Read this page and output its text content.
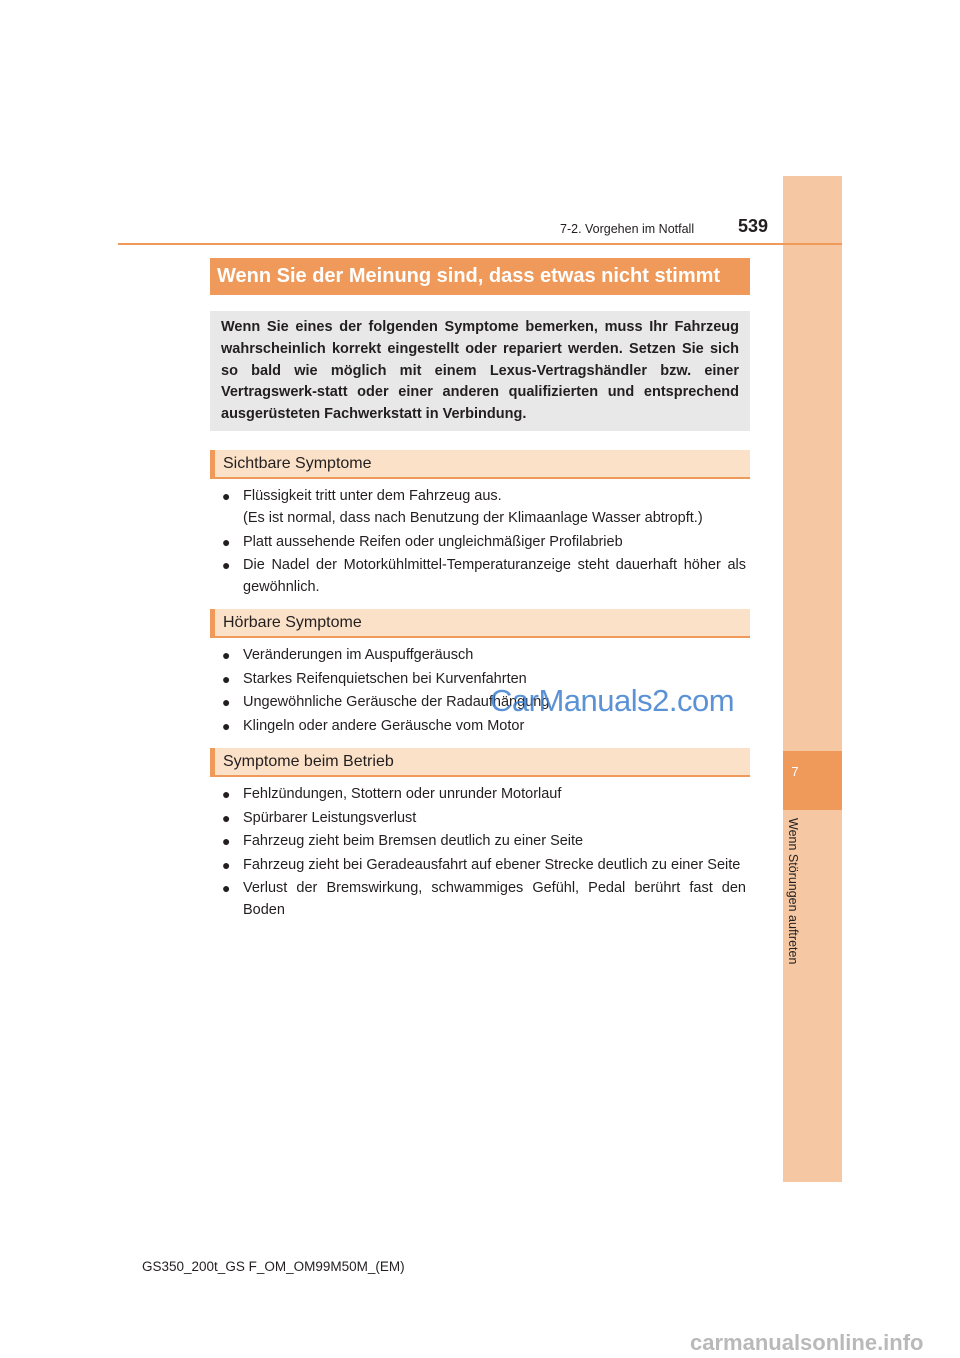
7
Wenn Störungen auftreten
7-2. Vorgehen im Notfall 539
Wenn Sie der Meinung sind, dass etwas nicht stimmt
Wenn Sie eines der folgenden Symptome bemerken, muss Ihr Fahrzeug wahrscheinlich korrekt eingestellt oder repariert werden. Setzen Sie sich so bald wie möglich mit einem Lexus-Vertragshändler bzw. einer Vertragswerk-statt oder einer anderen qualifizierten und entsprechend ausgerüsteten Fachwerkstatt in Verbindung.
Sichtbare Symptome
● Flüssigkeit tritt unter dem Fahrzeug aus.
(Es ist normal, dass nach Benutzung der Klimaanlage Wasser abtropft.)
● Platt aussehende Reifen oder ungleichmäßiger Profilabrieb
● Die Nadel der Motorkühlmittel-Temperaturanzeige steht dauerhaft höher als gewöhnlich.
Hörbare Symptome
● Veränderungen im Auspuffgeräusch
● Starkes Reifenquietschen bei Kurvenfahrten
● Ungewöhnliche Geräusche der Radaufhängung
● Klingeln oder andere Geräusche vom Motor
Symptome beim Betrieb
● Fehlzündungen, Stottern oder unrunder Motorlauf
● Spürbarer Leistungsverlust
● Fahrzeug zieht beim Bremsen deutlich zu einer Seite
● Fahrzeug zieht bei Geradeausfahrt auf ebener Strecke deutlich zu einer Seite
● Verlust der Bremswirkung, schwammiges Gefühl, Pedal berührt fast den Boden
CarManuals2.com
GS350_200t_GS F_OM_OM99M50M_(EM)
carmanualsonline.info
